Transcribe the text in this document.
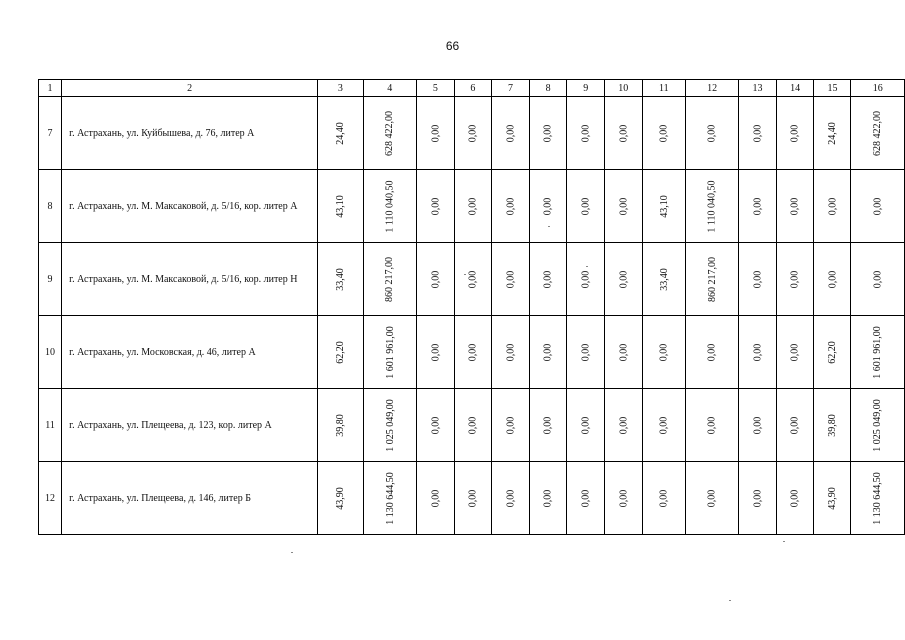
66
1	2	3	4	5	6	7	8	9	10	11	12	13	14	15	16
7	г. Астрахань, ул. Куйбышева, д. 76, литер А	24,40	628 422,00	0,00	0,00	0,00	0,00	0,00	0,00	0,00	0,00	0,00	0,00	24,40	628 422,00
8	г. Астрахань, ул. М. Максаковой, д. 5/16, кор. литер А	43,10	1 110 040,50	0,00	0,00	0,00	0,00	0,00	0,00	43,10	1 110 040,50	0,00	0,00	0,00	0,00
9	г. Астрахань, ул. М. Максаковой, д. 5/16, кор. литер Н	33,40	860 217,00	0,00	0,00	0,00	0,00	0,00	0,00	33,40	860 217,00	0,00	0,00	0,00	0,00
10	г. Астрахань, ул. Московская, д. 46, литер А	62,20	1 601 961,00	0,00	0,00	0,00	0,00	0,00	0,00	0,00	0,00	0,00	0,00	62,20	1 601 961,00
11	г. Астрахань, ул. Плещеева, д. 123, кор. литер А	39,80	1 025 049,00	0,00	0,00	0,00	0,00	0,00	0,00	0,00	0,00	0,00	0,00	39,80	1 025 049,00
12	г. Астрахань, ул. Плещеева, д. 146, литер Б	43,90	1 130 644,50	0,00	0,00	0,00	0,00	0,00	0,00	0,00	0,00	0,00	0,00	43,90	1 130 644,50
